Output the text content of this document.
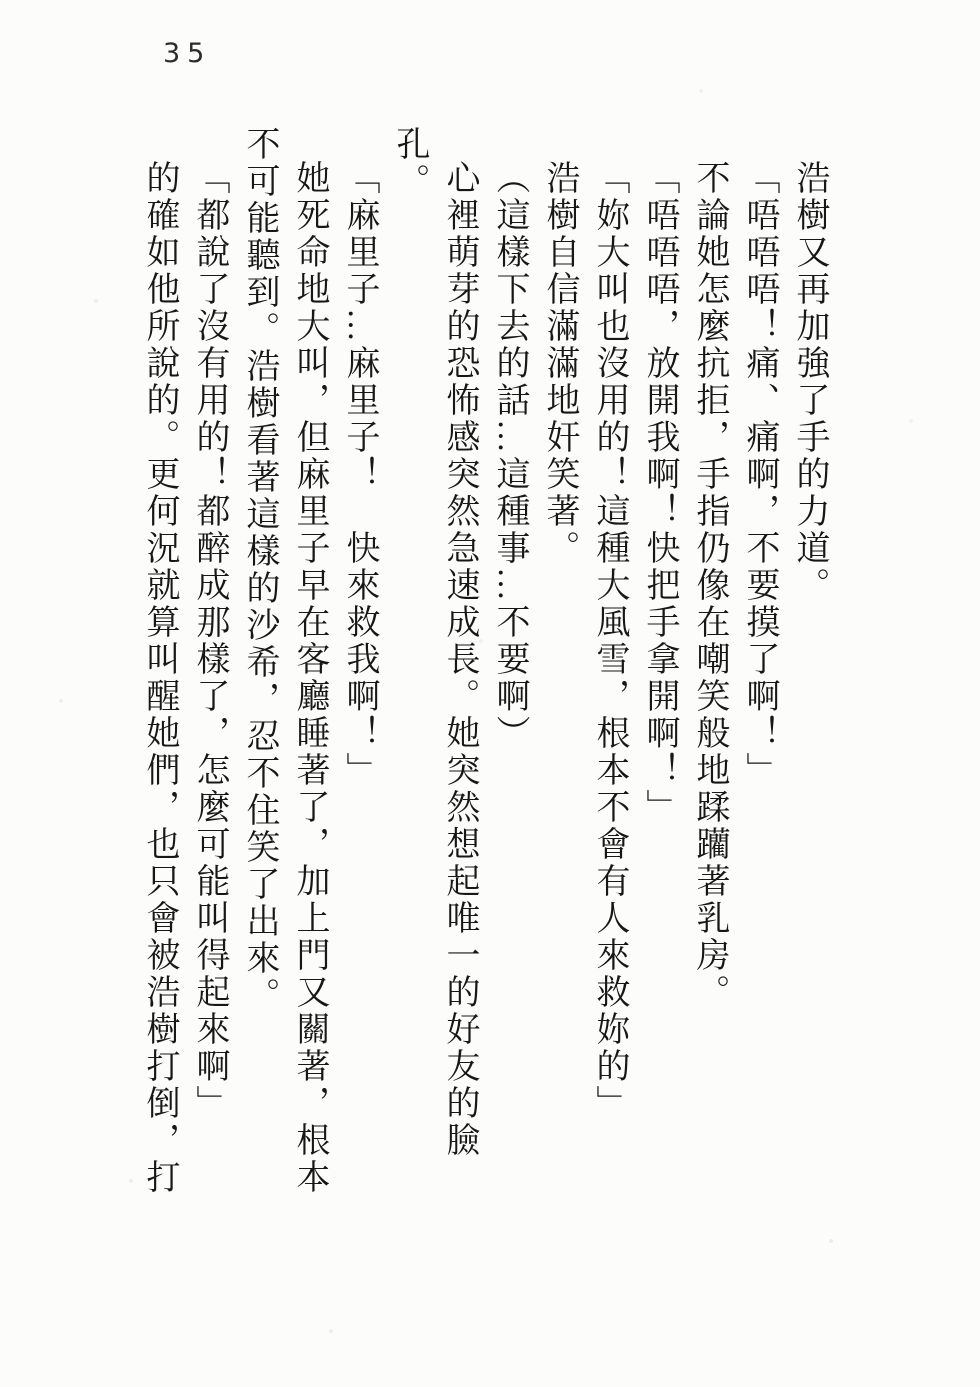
35

浩樹又再加強了手的力道。

「唔唔唔！痛、痛啊，不要摸了啊！」

不論她怎麼抗拒，手指仍像在嘲笑般地蹂躪著乳房。

「唔唔唔，放開我啊！快把手拿開啊！」

「妳大叫也沒用的！這種大風雪，根本不會有人來救妳的」

浩樹自信滿滿地奸笑著。

（這樣下去的話…這種事…不要啊）

心裡萌芽的恐怖感突然急速成長。她突然想起唯一的好友的臉孔。

「麻里子…麻里子！　快來救我啊！」

她死命地大叫，但麻里子早在客廳睡著了，加上門又關著，根本不可能聽到。浩樹看著這樣的沙希，忍不住笑了出來。

「都說了沒有用的！都醉成那樣了，怎麼可能叫得起來啊」

的確如他所說的。更何況就算叫醒她們，也只會被浩樹打倒，打
